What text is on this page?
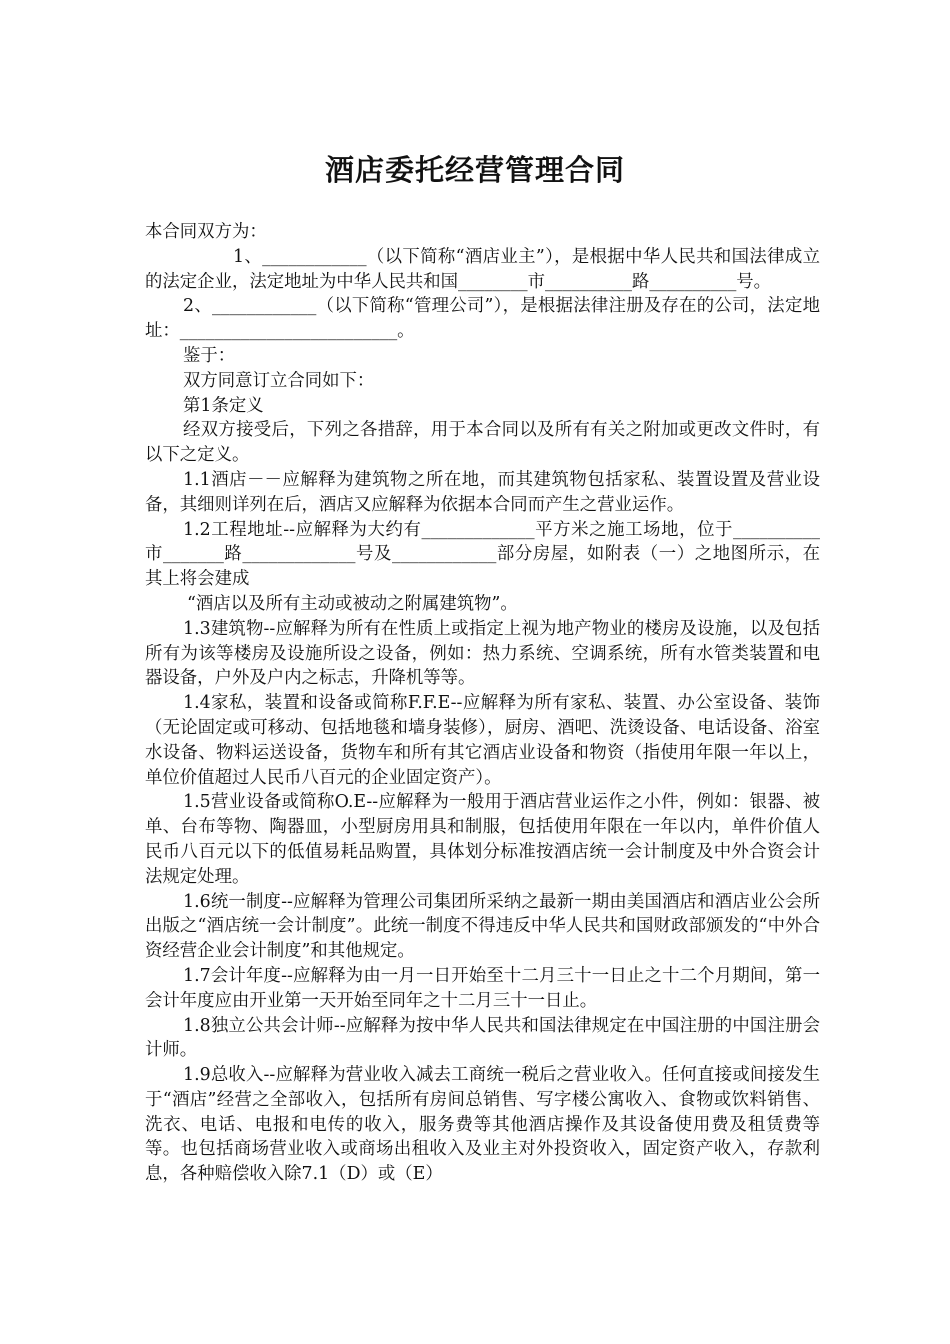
酒店委托经营管理合同

本合同双方为：

1、____________（以下简称“酒店业主”），是根据中华人民共和国法律成立的法定企业，法定地址为中华人民共和国________市__________路__________号。

2、____________（以下简称“管理公司”），是根据法律注册及存在的公司，法定地址：_________________________。

鉴于：

双方同意订立合同如下：

第1条定义

经双方接受后，下列之各措辞，用于本合同以及所有有关之附加或更改文件时，有以下之定义。

1.1酒店－－应解释为建筑物之所在地，而其建筑物包括家私、装置设置及营业设备，其细则详列在后，酒店又应解释为依据本合同而产生之营业运作。

1.2工程地址--应解释为大约有_____________平方米之施工场地，位于__________市_______路_____________号及____________部分房屋，如附表（一）之地图所示，在其上将会建成

“酒店以及所有主动或被动之附属建筑物”。

1.3建筑物--应解释为所有在性质上或指定上视为地产物业的楼房及设施，以及包括所有为该等楼房及设施所设之设备，例如：热力系统、空调系统，所有水管类装置和电器设备，户外及户内之标志，升降机等等。

1.4家私，装置和设备或简称F.F.E--应解释为所有家私、装置、办公室设备、装饰（无论固定或可移动、包括地毯和墙身装修），厨房、酒吧、洗烫设备、电话设备、浴室水设备、物料运送设备，货物车和所有其它酒店业设备和物资（指使用年限一年以上，单位价值超过人民币八百元的企业固定资产）。

1.5营业设备或简称O.E--应解释为一般用于酒店营业运作之小件，例如：银器、被单、台布等物、陶器皿，小型厨房用具和制服，包括使用年限在一年以内，单件价值人民币八百元以下的低值易耗品购置，具体划分标准按酒店统一会计制度及中外合资会计法规定处理。

1.6统一制度--应解释为管理公司集团所采纳之最新一期由美国酒店和酒店业公会所出版之“酒店统一会计制度”。此统一制度不得违反中华人民共和国财政部颁发的“中外合资经营企业会计制度”和其他规定。

1.7会计年度--应解释为由一月一日开始至十二月三十一日止之十二个月期间，第一会计年度应由开业第一天开始至同年之十二月三十一日止。

1.8独立公共会计师--应解释为按中华人民共和国法律规定在中国注册的中国注册会计师。

1.9总收入--应解释为营业收入减去工商统一税后之营业收入。任何直接或间接发生于“酒店”经营之全部收入，包括所有房间总销售、写字楼公寓收入、食物或饮料销售、洗衣、电话、电报和电传的收入，服务费等其他酒店操作及其设备使用费及租赁费等等。也包括商场营业收入或商场出租收入及业主对外投资收入，固定资产收入，存款利息，各种赔偿收入除7.1（D）或（E）
